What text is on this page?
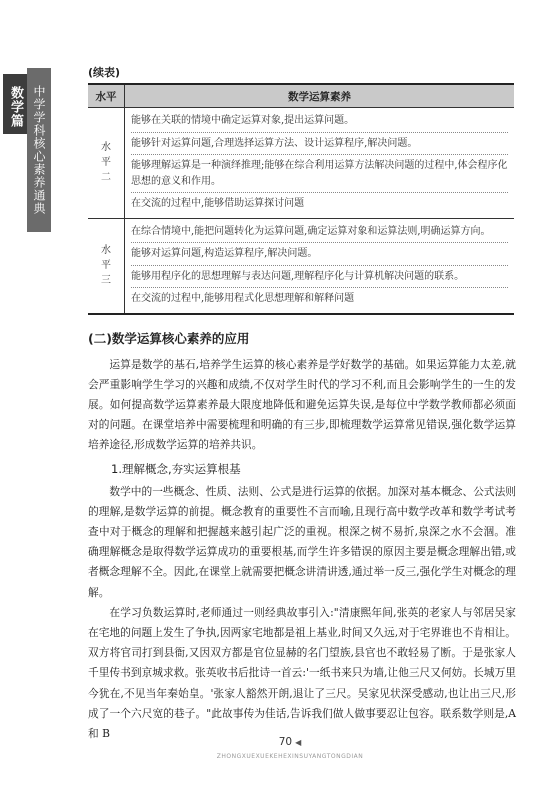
中学学科核心素养通典
数学篇
(续表)
水平	数学运算素养
水平二	能够在关联的情境中确定运算对象,提出运算问题。
能够针对运算问题,合理选择运算方法、设计运算程序,解决问题。
能够理解运算是一种演绎推理;能够在综合利用运算方法解决问题的过程中,体会程序化思想的意义和作用。
在交流的过程中,能够借助运算探讨问题

水平三	在综合情境中,能把问题转化为运算问题,确定运算对象和运算法则,明确运算方向。
能够对运算问题,构造运算程序,解决问题。
能够用程序化的思想理解与表达问题,理解程序化与计算机解决问题的联系。
在交流的过程中,能够用程式化思想理解和解释问题
(二)数学运算核心素养的应用

运算是数学的基石,培养学生运算的核心素养是学好数学的基础。如果运算能力太差,就会严重影响学生学习的兴趣和成绩,不仅对学生时代的学习不利,而且会影响学生的一生的发展。如何提高数学运算素养最大限度地降低和避免运算失误,是每位中学数学教师都必须面对的问题。在课堂培养中需要梳理和明确的有三步,即梳理数学运算常见错误,强化数学运算培养途径,形成数学运算的培养共识。

1.理解概念,夯实运算根基

数学中的一些概念、性质、法则、公式是进行运算的依据。加深对基本概念、公式法则的理解,是数学运算的前提。概念教育的重要性不言而喻,且现行高中数学改革和数学考试考查中对于概念的理解和把握越来越引起广泛的重视。根深之树不易折,泉深之水不会涸。准确理解概念是取得数学运算成功的重要根基,而学生许多错误的原因主要是概念理解出错,或者概念理解不全。因此,在课堂上就需要把概念讲清讲透,通过举一反三,强化学生对概念的理解。

在学习负数运算时,老师通过一则经典故事引入:"清康熙年间,张英的老家人与邻居吴家在宅地的问题上发生了争执,因两家宅地都是祖上基业,时间又久远,对于宅界谁也不肯相让。双方将官司打到县衙,又因双方都是官位显赫的名门望族,县官也不敢轻易了断。于是张家人千里传书到京城求救。张英收书后批诗一首云:'一纸书来只为墙,让他三尺又何妨。长城万里今犹在,不见当年秦始皇。'张家人豁然开朗,退让了三尺。吴家见状深受感动,也让出三尺,形成了一个六尺宽的巷子。"此故事传为佳话,告诉我们做人做事要忍让包容。联系数学则是,A 和 B

70 ◀
ZHONGXUEXUEKEHEXINSUYANGTONGDIAN
